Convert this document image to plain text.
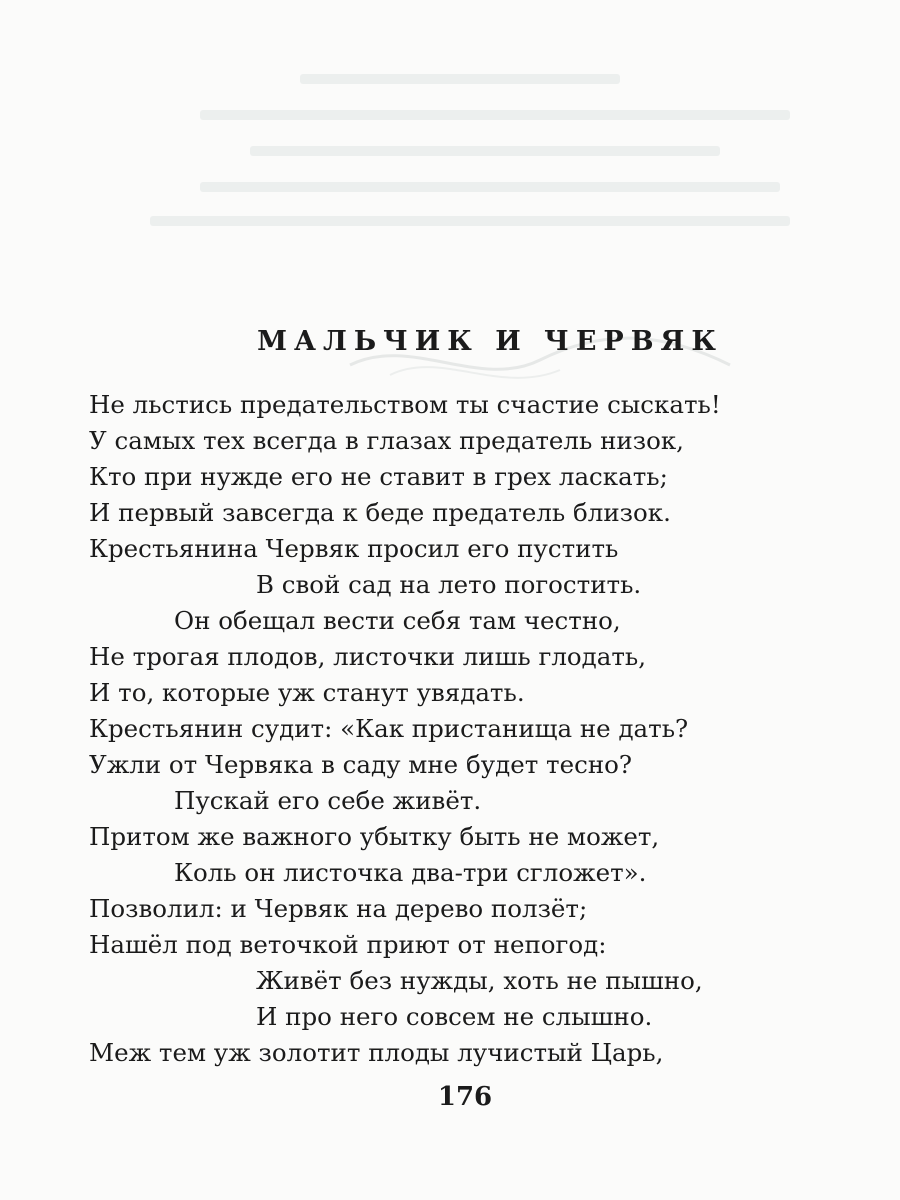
МАЛЬЧИК И ЧЕРВЯК
Не льстись предательством ты счастие сыскать!
У самых тех всегда в глазах предатель низок,
Кто при нужде его не ставит в грех ласкать;
И первый завсегда к беде предатель близок.
Крестьянина Червяк просил его пустить
В свой сад на лето погостить.
Он обещал вести себя там честно,
Не трогая плодов, листочки лишь глодать,
И то, которые уж станут увядать.
Крестьянин судит: «Как пристанища не дать?
Ужли от Червяка в саду мне будет тесно?
Пускай его себе живёт.
Притом же важного убытку быть не может,
Коль он листочка два-три сгложет».
Позволил: и Червяк на дерево ползёт;
Нашёл под веточкой приют от непогод:
Живёт без нужды, хоть не пышно,
И про него совсем не слышно.
Меж тем уж золотит плоды лучистый Царь,
176
